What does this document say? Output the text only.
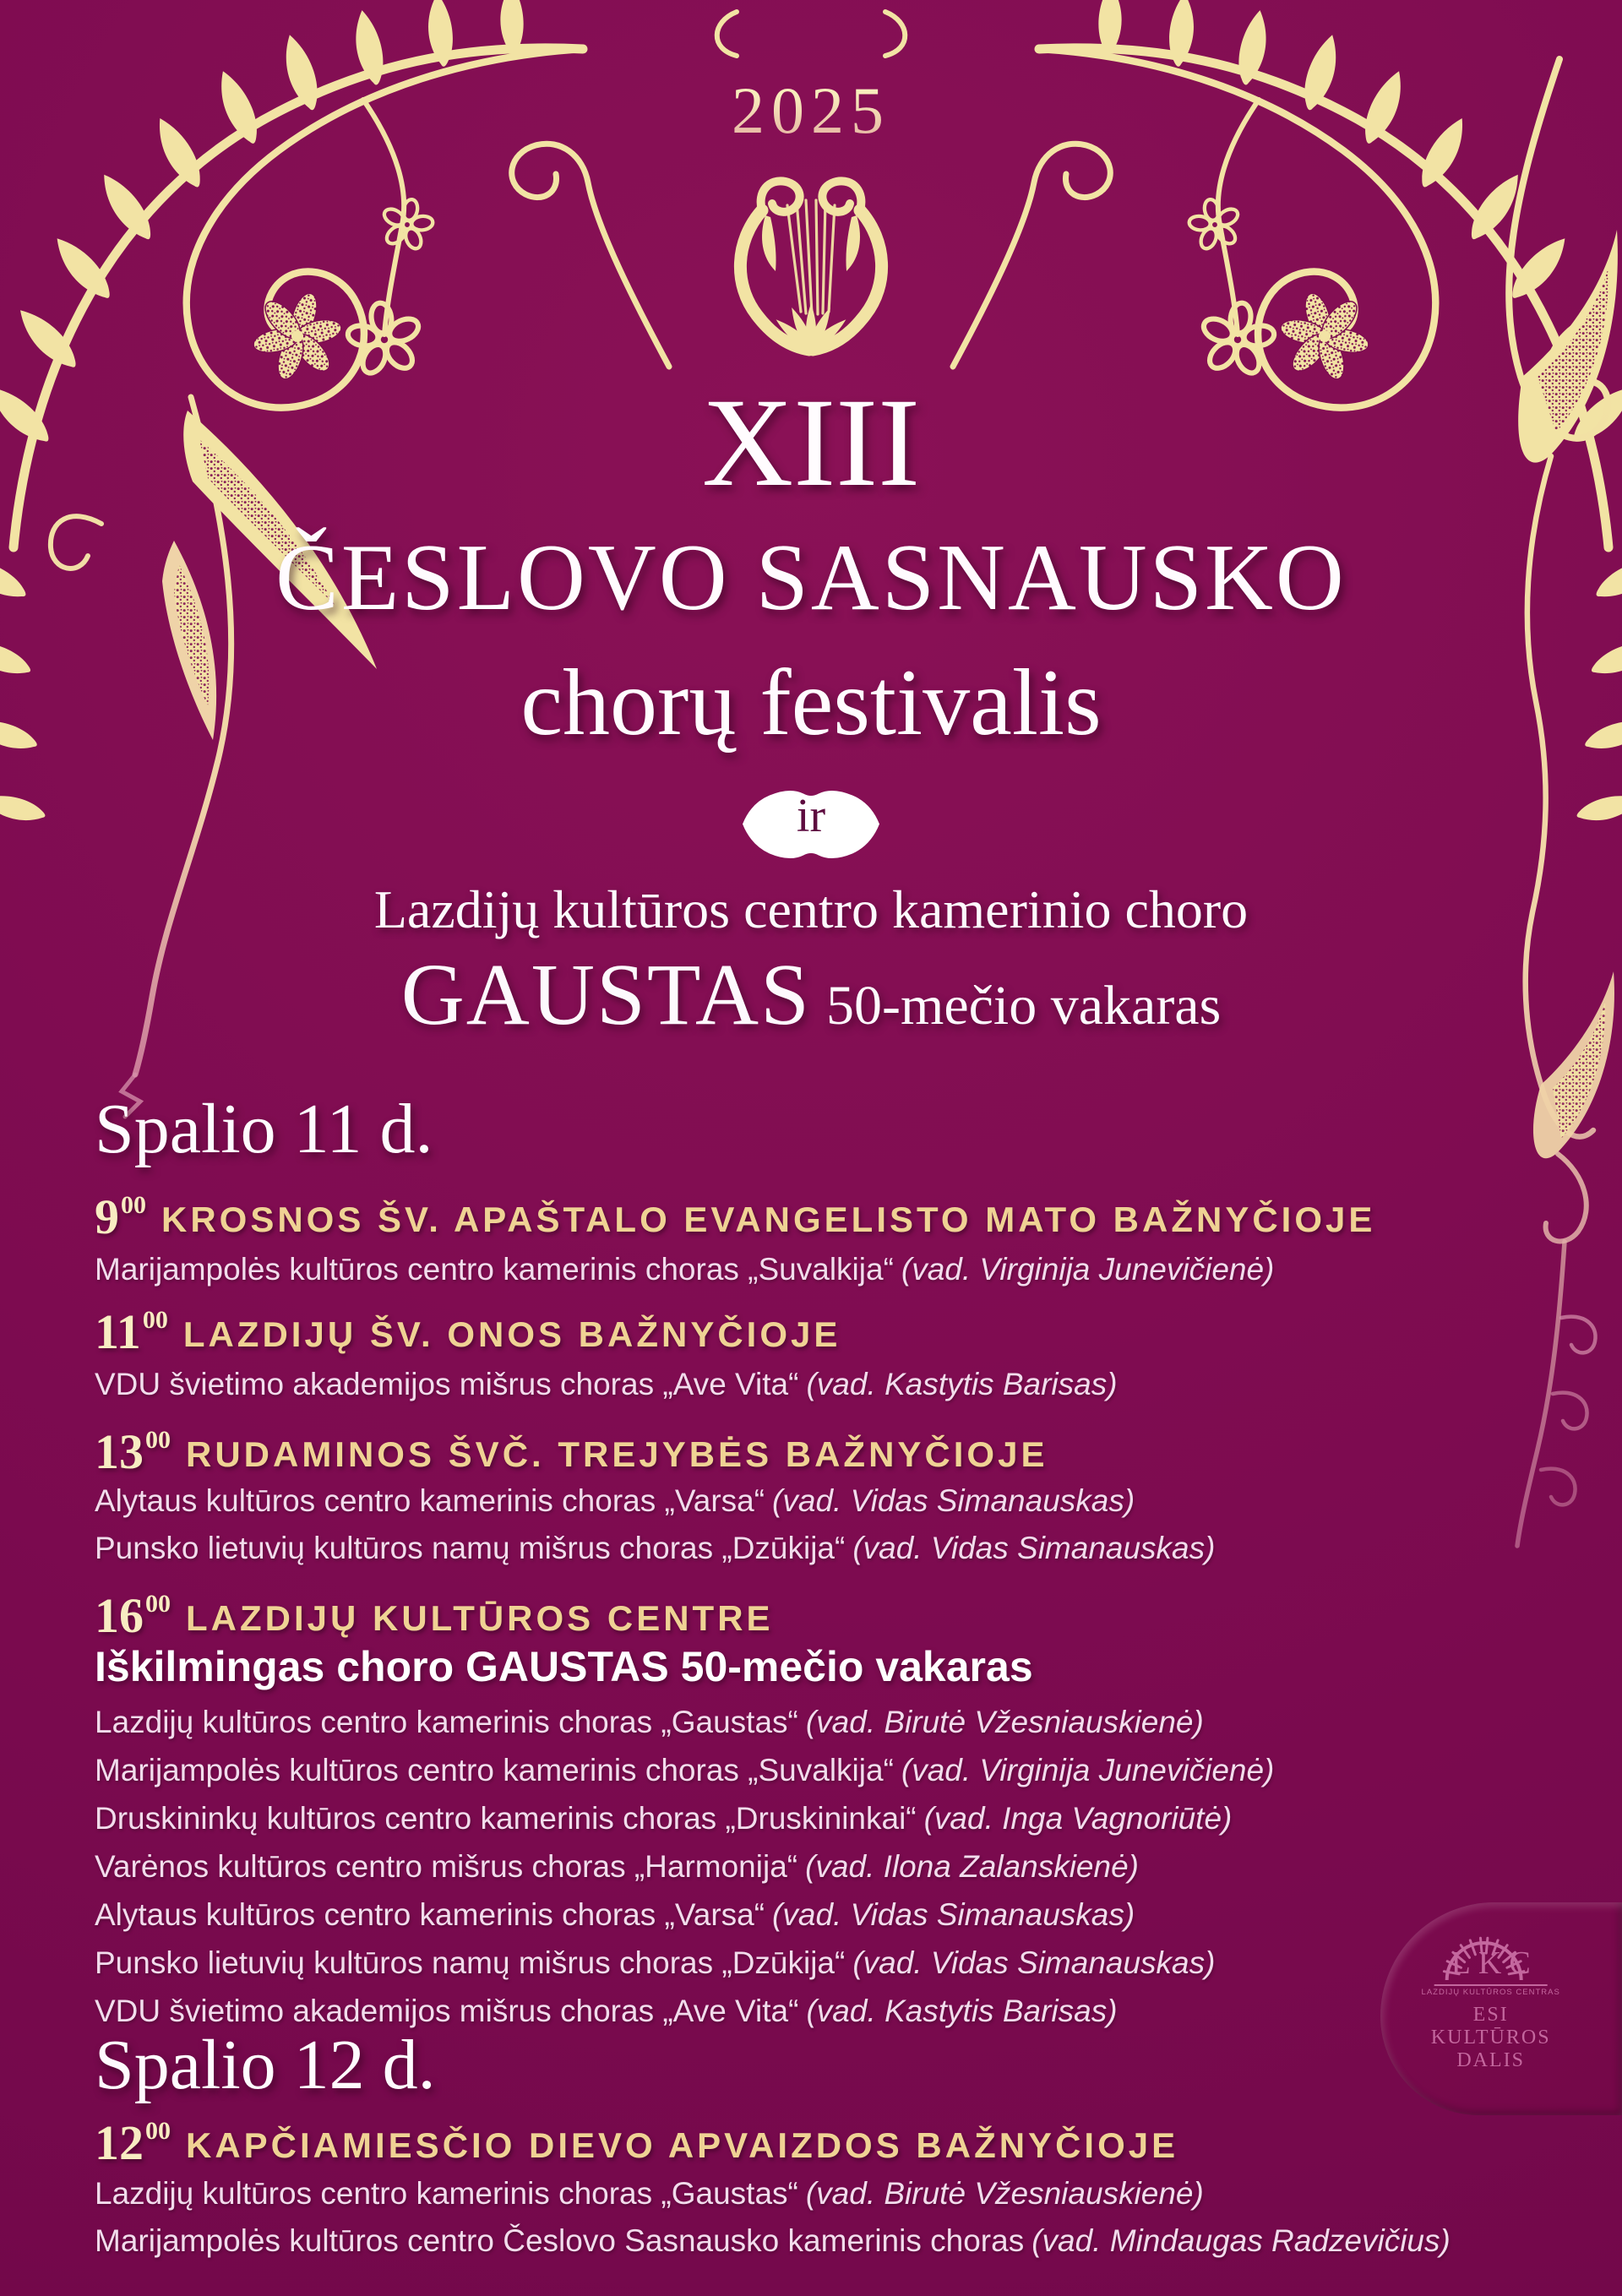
2025
XIII
ČESLOVO SASNAUSKO
chorų festivalis
ir
Lazdijų kultūros centro kamerinio choro
GAUSTAS 50-mečio vakaras
Spalio 11 d.
$9^{00}$ KROSNOS ŠV. APAŠTALO EVANGELISTO MATO BAŽNYČIOJE

Marijampolės kultūros centro kamerinis choras „Suvalkija“ (vad. Virginija Junevičienė)

$11^{00}$ LAZDIJŲ ŠV. ONOS BAŽNYČIOJE

VDU švietimo akademijos mišrus choras „Ave Vita“ (vad. Kastytis Barisas)

$13^{00}$ RUDAMINOS ŠVČ. TREJYBĖS BAŽNYČIOJE

Alytaus kultūros centro kamerinis choras „Varsa“ (vad. Vidas Simanauskas)

Punsko lietuvių kultūros namų mišrus choras „Dzūkija“ (vad. Vidas Simanauskas)

$16^{00}$ LAZDIJŲ KULTŪROS CENTRE
Iškilmingas choro GAUSTAS 50-mečio vakaras

Lazdijų kultūros centro kamerinis choras „Gaustas“ (vad. Birutė Vžesniauskienė)

Marijampolės kultūros centro kamerinis choras „Suvalkija“ (vad. Virginija Junevičienė)

Druskininkų kultūros centro kamerinis choras „Druskininkai“ (vad. Inga Vagnoriūtė)

Varėnos kultūros centro mišrus choras „Harmonija“ (vad. Ilona Zalanskienė)

Alytaus kultūros centro kamerinis choras „Varsa“ (vad. Vidas Simanauskas)

Punsko lietuvių kultūros namų mišrus choras „Dzūkija“ (vad. Vidas Simanauskas)

VDU švietimo akademijos mišrus choras „Ave Vita“ (vad. Kastytis Barisas)

Spalio 12 d.
$12^{00}$ KAPČIAMIESČIO DIEVO APVAIZDOS BAŽNYČIOJE

Lazdijų kultūros centro kamerinis choras „Gaustas“ (vad. Birutė Vžesniauskienė)

Marijampolės kultūros centro Česlovo Sasnausko kamerinis choras (vad. Mindaugas Radzevičius)

LKC
LAZDIJŲ KULTŪROS CENTRAS
ESI KULTŪROS
DALIS
